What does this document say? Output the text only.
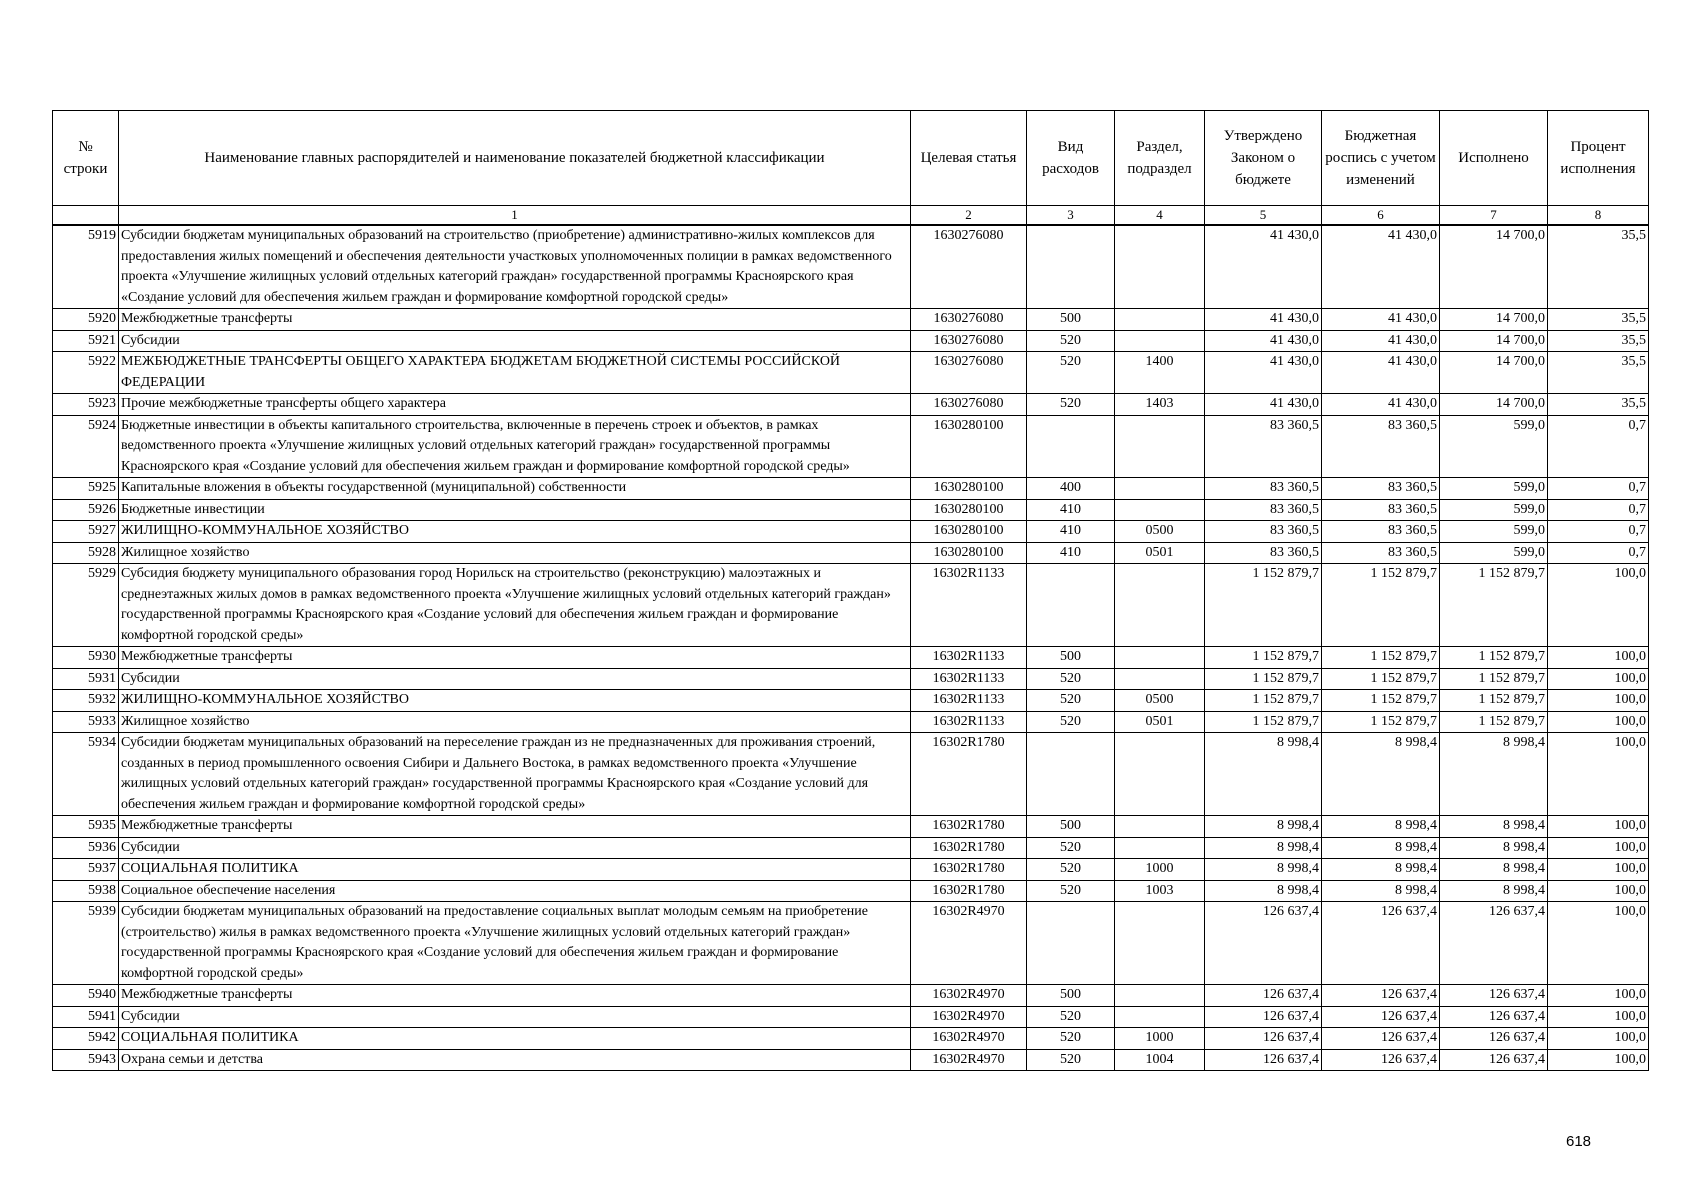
№ строки	Наименование главных распорядителей и наименование показателей бюджетной классификации	Целевая статья	Вид расходов	Раздел, подраздел	Утверждено Законом о бюджете	Бюджетная роспись с учетом изменений	Исполнено	Процент исполнения
	1	2	3	4	5	6	7	8
5919	Субсидии бюджетам муниципальных образований на строительство (приобретение) административно-жилых комплексов для предоставления жилых помещений и обеспечения деятельности участковых уполномоченных полиции в рамках ведомственного проекта «Улучшение жилищных условий отдельных категорий граждан» государственной программы Красноярского края «Создание условий для обеспечения жильем граждан и формирование комфортной городской среды»	1630276080			41 430,0	41 430,0	14 700,0	35,5
5920	Межбюджетные трансферты	1630276080	500		41 430,0	41 430,0	14 700,0	35,5
5921	Субсидии	1630276080	520		41 430,0	41 430,0	14 700,0	35,5
5922	МЕЖБЮДЖЕТНЫЕ ТРАНСФЕРТЫ ОБЩЕГО ХАРАКТЕРА БЮДЖЕТАМ БЮДЖЕТНОЙ СИСТЕМЫ РОССИЙСКОЙ ФЕДЕРАЦИИ	1630276080	520	1400	41 430,0	41 430,0	14 700,0	35,5
5923	Прочие межбюджетные трансферты общего характера	1630276080	520	1403	41 430,0	41 430,0	14 700,0	35,5
5924	Бюджетные инвестиции в объекты капитального строительства, включенные в перечень строек и объектов, в рамках ведомственного проекта «Улучшение жилищных условий отдельных категорий граждан» государственной программы Красноярского края «Создание условий для обеспечения жильем граждан и формирование комфортной городской среды»	1630280100			83 360,5	83 360,5	599,0	0,7
5925	Капитальные вложения в объекты государственной (муниципальной) собственности	1630280100	400		83 360,5	83 360,5	599,0	0,7
5926	Бюджетные инвестиции	1630280100	410		83 360,5	83 360,5	599,0	0,7
5927	ЖИЛИЩНО-КОММУНАЛЬНОЕ ХОЗЯЙСТВО	1630280100	410	0500	83 360,5	83 360,5	599,0	0,7
5928	Жилищное хозяйство	1630280100	410	0501	83 360,5	83 360,5	599,0	0,7
5929	Субсидия бюджету муниципального образования город Норильск на строительство (реконструкцию) малоэтажных и среднеэтажных жилых домов в рамках ведомственного проекта «Улучшение жилищных условий отдельных категорий граждан» государственной программы Красноярского края «Создание условий для обеспечения жильем граждан и формирование комфортной городской среды»	16302R1133			1 152 879,7	1 152 879,7	1 152 879,7	100,0
5930	Межбюджетные трансферты	16302R1133	500		1 152 879,7	1 152 879,7	1 152 879,7	100,0
5931	Субсидии	16302R1133	520		1 152 879,7	1 152 879,7	1 152 879,7	100,0
5932	ЖИЛИЩНО-КОММУНАЛЬНОЕ ХОЗЯЙСТВО	16302R1133	520	0500	1 152 879,7	1 152 879,7	1 152 879,7	100,0
5933	Жилищное хозяйство	16302R1133	520	0501	1 152 879,7	1 152 879,7	1 152 879,7	100,0
5934	Субсидии бюджетам муниципальных образований на переселение граждан из не предназначенных для проживания строений, созданных в период промышленного освоения Сибири и Дальнего Востока, в рамках ведомственного проекта «Улучшение жилищных условий отдельных категорий граждан» государственной программы Красноярского края «Создание условий для обеспечения жильем граждан и формирование комфортной городской среды»	16302R1780			8 998,4	8 998,4	8 998,4	100,0
5935	Межбюджетные трансферты	16302R1780	500		8 998,4	8 998,4	8 998,4	100,0
5936	Субсидии	16302R1780	520		8 998,4	8 998,4	8 998,4	100,0
5937	СОЦИАЛЬНАЯ ПОЛИТИКА	16302R1780	520	1000	8 998,4	8 998,4	8 998,4	100,0
5938	Социальное обеспечение населения	16302R1780	520	1003	8 998,4	8 998,4	8 998,4	100,0
5939	Субсидии бюджетам муниципальных образований на предоставление социальных выплат молодым семьям на приобретение (строительство) жилья в рамках ведомственного проекта «Улучшение жилищных условий отдельных категорий граждан» государственной программы Красноярского края «Создание условий для обеспечения жильем граждан и формирование комфортной городской среды»	16302R4970			126 637,4	126 637,4	126 637,4	100,0
5940	Межбюджетные трансферты	16302R4970	500		126 637,4	126 637,4	126 637,4	100,0
5941	Субсидии	16302R4970	520		126 637,4	126 637,4	126 637,4	100,0
5942	СОЦИАЛЬНАЯ ПОЛИТИКА	16302R4970	520	1000	126 637,4	126 637,4	126 637,4	100,0
5943	Охрана семьи и детства	16302R4970	520	1004	126 637,4	126 637,4	126 637,4	100,0
618
